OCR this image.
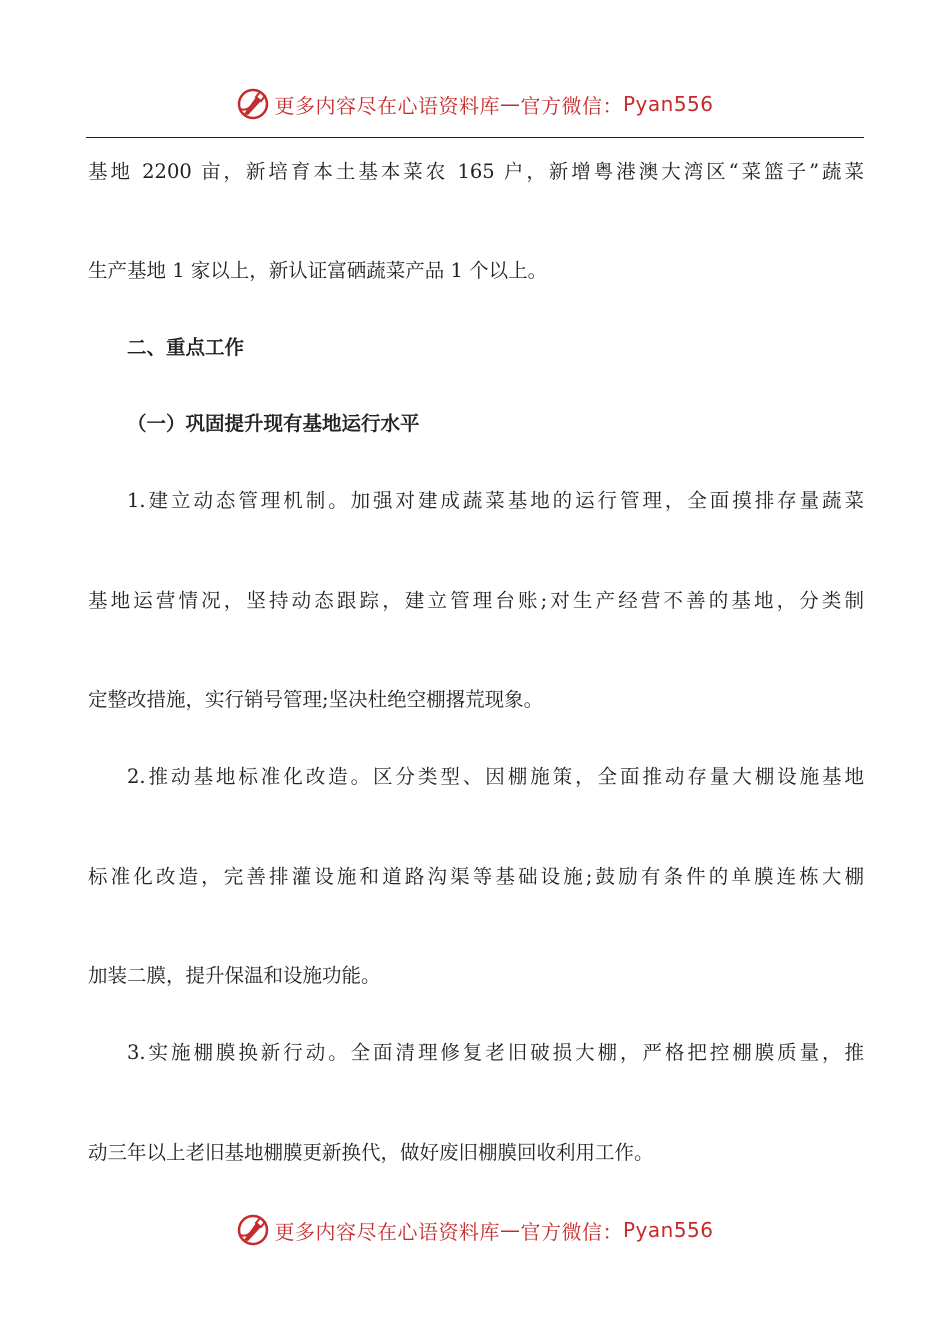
更多内容尽在心语资料库 — 官方微信： Pyan556
基地 2200 亩，新培育本土基本菜农 165 户，新增粤港澳大湾区“菜篮子”蔬菜
生产基地 1 家以上，新认证富硒蔬菜产品 1 个以上。
二、重点工作
（一）巩固提升现有基地运行水平
1.建立动态管理机制。加强对建成蔬菜基地的运行管理，全面摸排存量蔬菜
基地运营情况，坚持动态跟踪，建立管理台账;对生产经营不善的基地，分类制
定整改措施，实行销号管理;坚决杜绝空棚撂荒现象。
2.推动基地标准化改造。区分类型、因棚施策，全面推动存量大棚设施基地
标准化改造，完善排灌设施和道路沟渠等基础设施;鼓励有条件的单膜连栋大棚
加装二膜，提升保温和设施功能。
3.实施棚膜换新行动。全面清理修复老旧破损大棚，严格把控棚膜质量，推
动三年以上老旧基地棚膜更新换代，做好废旧棚膜回收利用工作。
更多内容尽在心语资料库 — 官方微信： Pyan556
